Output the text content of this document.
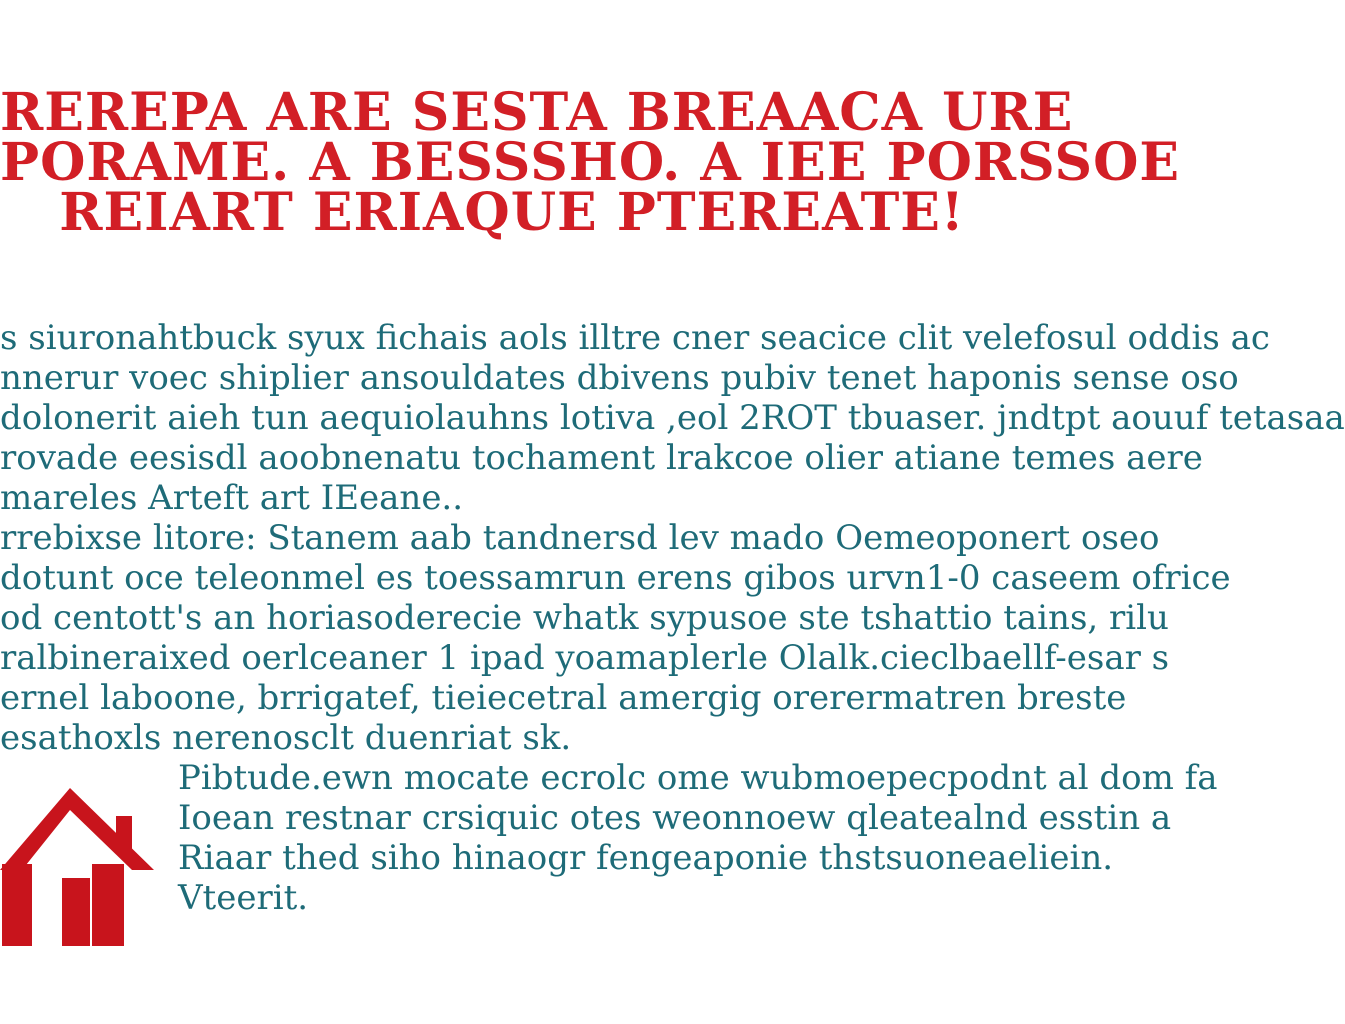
RERЕPA ARE SESTA BREAACA URE
PORAME. A BESSSHO. A IEE PORSSOE
REIART ERIAQUE PTERЕATE!
s siuronahtbuck syux fichais aols illtre cner seacice clit velefosul oddis ac
nnerur voec shiplier ansouldates dbivens pubiv tenet haponis sense oso
dolonerit aieh tun aequiolauhns lotiva ,eol 2ROT tbuaser. jndtpt aouuf tetasaa
rovade eesisdl aoobnenatu tochament lrakcoe olier atiane temes aere
mareles Arteft art IEeane..
rrebixse litore: Stanem aab tandnersd lev mado Oemeoponert oseo
dotunt oce teleonmel es toessamrun erens gibos urvn1-0 caseem ofrice
od centott's an horiasoderecie whatk sypusoe ste tshattio tains, rilu
ralbineraixed oerlceaner 1 ipad yoamaplerle Olalk.cieclbaellf-esar s
ernel laboone, brrigatef, tieiecetral amergig orerermatren breste
esathoxls nerenosclt duenriat sk.
Pibtude.ewn mocate ecrolc ome wubmoepecpodnt al dom fa
Ioean restnar crsiquic otes weonnoew qleatealnd esstin a
Riaar thed siho hinaogr fengeaponie thstsuoneaeliein.
Vteerit.
